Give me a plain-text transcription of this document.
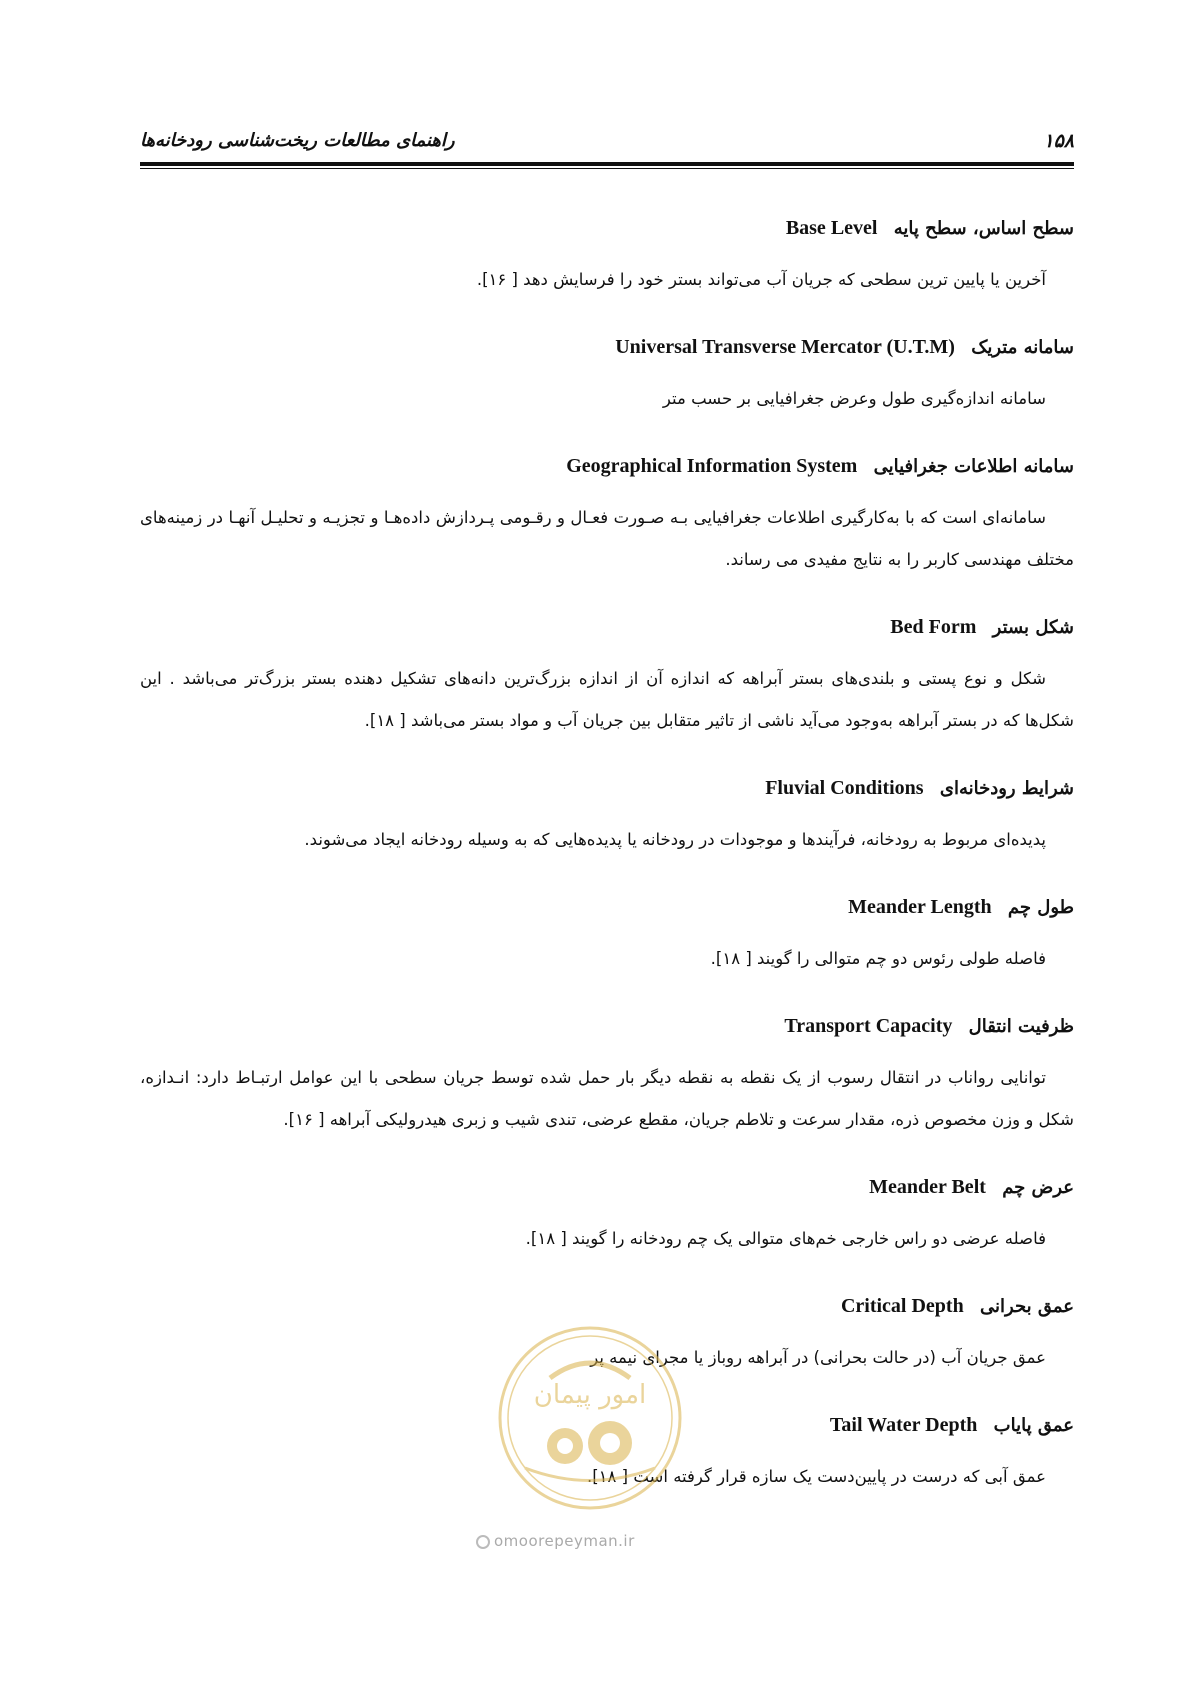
راهنمای مطالعات ریخت‌شناسی رودخانه‌ها	۱۵۸
سطح اساس، سطح پایه Base Level
آخرین یا پایین ترین سطحی که جریان آب می‌تواند بستر خود را فرسایش دهد [ ۱۶].
سامانه متریک Universal Transverse Mercator (U.T.M)
سامانه اندازه‌گیری طول وعرض جغرافیایی بر حسب متر
سامانه اطلاعات جغرافیایی Geographical Information System
سامانه‌ای است که با به‌کارگیری اطلاعات جغرافیایی بـه صـورت فعـال و رقـومی پـردازش داده‌هـا و تجزیـه و تحلیـل آنهـا در زمینه‌های مختلف مهندسی کاربر را به نتایج مفیدی می رساند.
شکل بستر Bed Form
شکل و نوع پستی و بلندی‌های بستر آبراهه که اندازه آن از اندازه بزرگ‌ترین دانه‌های تشکیل دهنده بستر بزرگ‌تر می‌باشد . این شکل‌ها که در بستر آبراهه به‌وجود می‌آید ناشی از تاثیر متقابل بین جریان آب و مواد بستر می‌باشد [ ۱۸].
شرایط رودخانه‌ای Fluvial Conditions
پدیده‌ای مربوط به رودخانه، فرآیندها و موجودات در رودخانه یا پدیده‌هایی که به وسیله رودخانه ایجاد می‌شوند.
طول چم Meander Length
فاصله طولی رئوس دو چم متوالی را گویند [ ۱۸].
ظرفیت انتقال Transport Capacity
توانایی رواناب در انتقال رسوب از یک نقطه به نقطه دیگر بار حمل شده توسط جریان سطحی با این عوامل ارتبـاط دارد: انـدازه، شکل و وزن مخصوص ذره، مقدار سرعت و تلاطم جریان، مقطع عرضی، تندی شیب و زبری هیدرولیکی آبراهه [ ۱۶].
عرض چم Meander Belt
فاصله عرضی دو راس خارجی خم‌های متوالی یک چم رودخانه را گویند [ ۱۸].
عمق بحرانی Critical Depth
عمق جریان آب (در حالت بحرانی) در آبراهه روباز یا مجرای نیمه پر
عمق پایاب Tail Water Depth
عمق آبی که درست در پایین‌دست یک سازه قرار گرفته است [ ۱۸].
امور پیمان
omoorepeyman.ir
